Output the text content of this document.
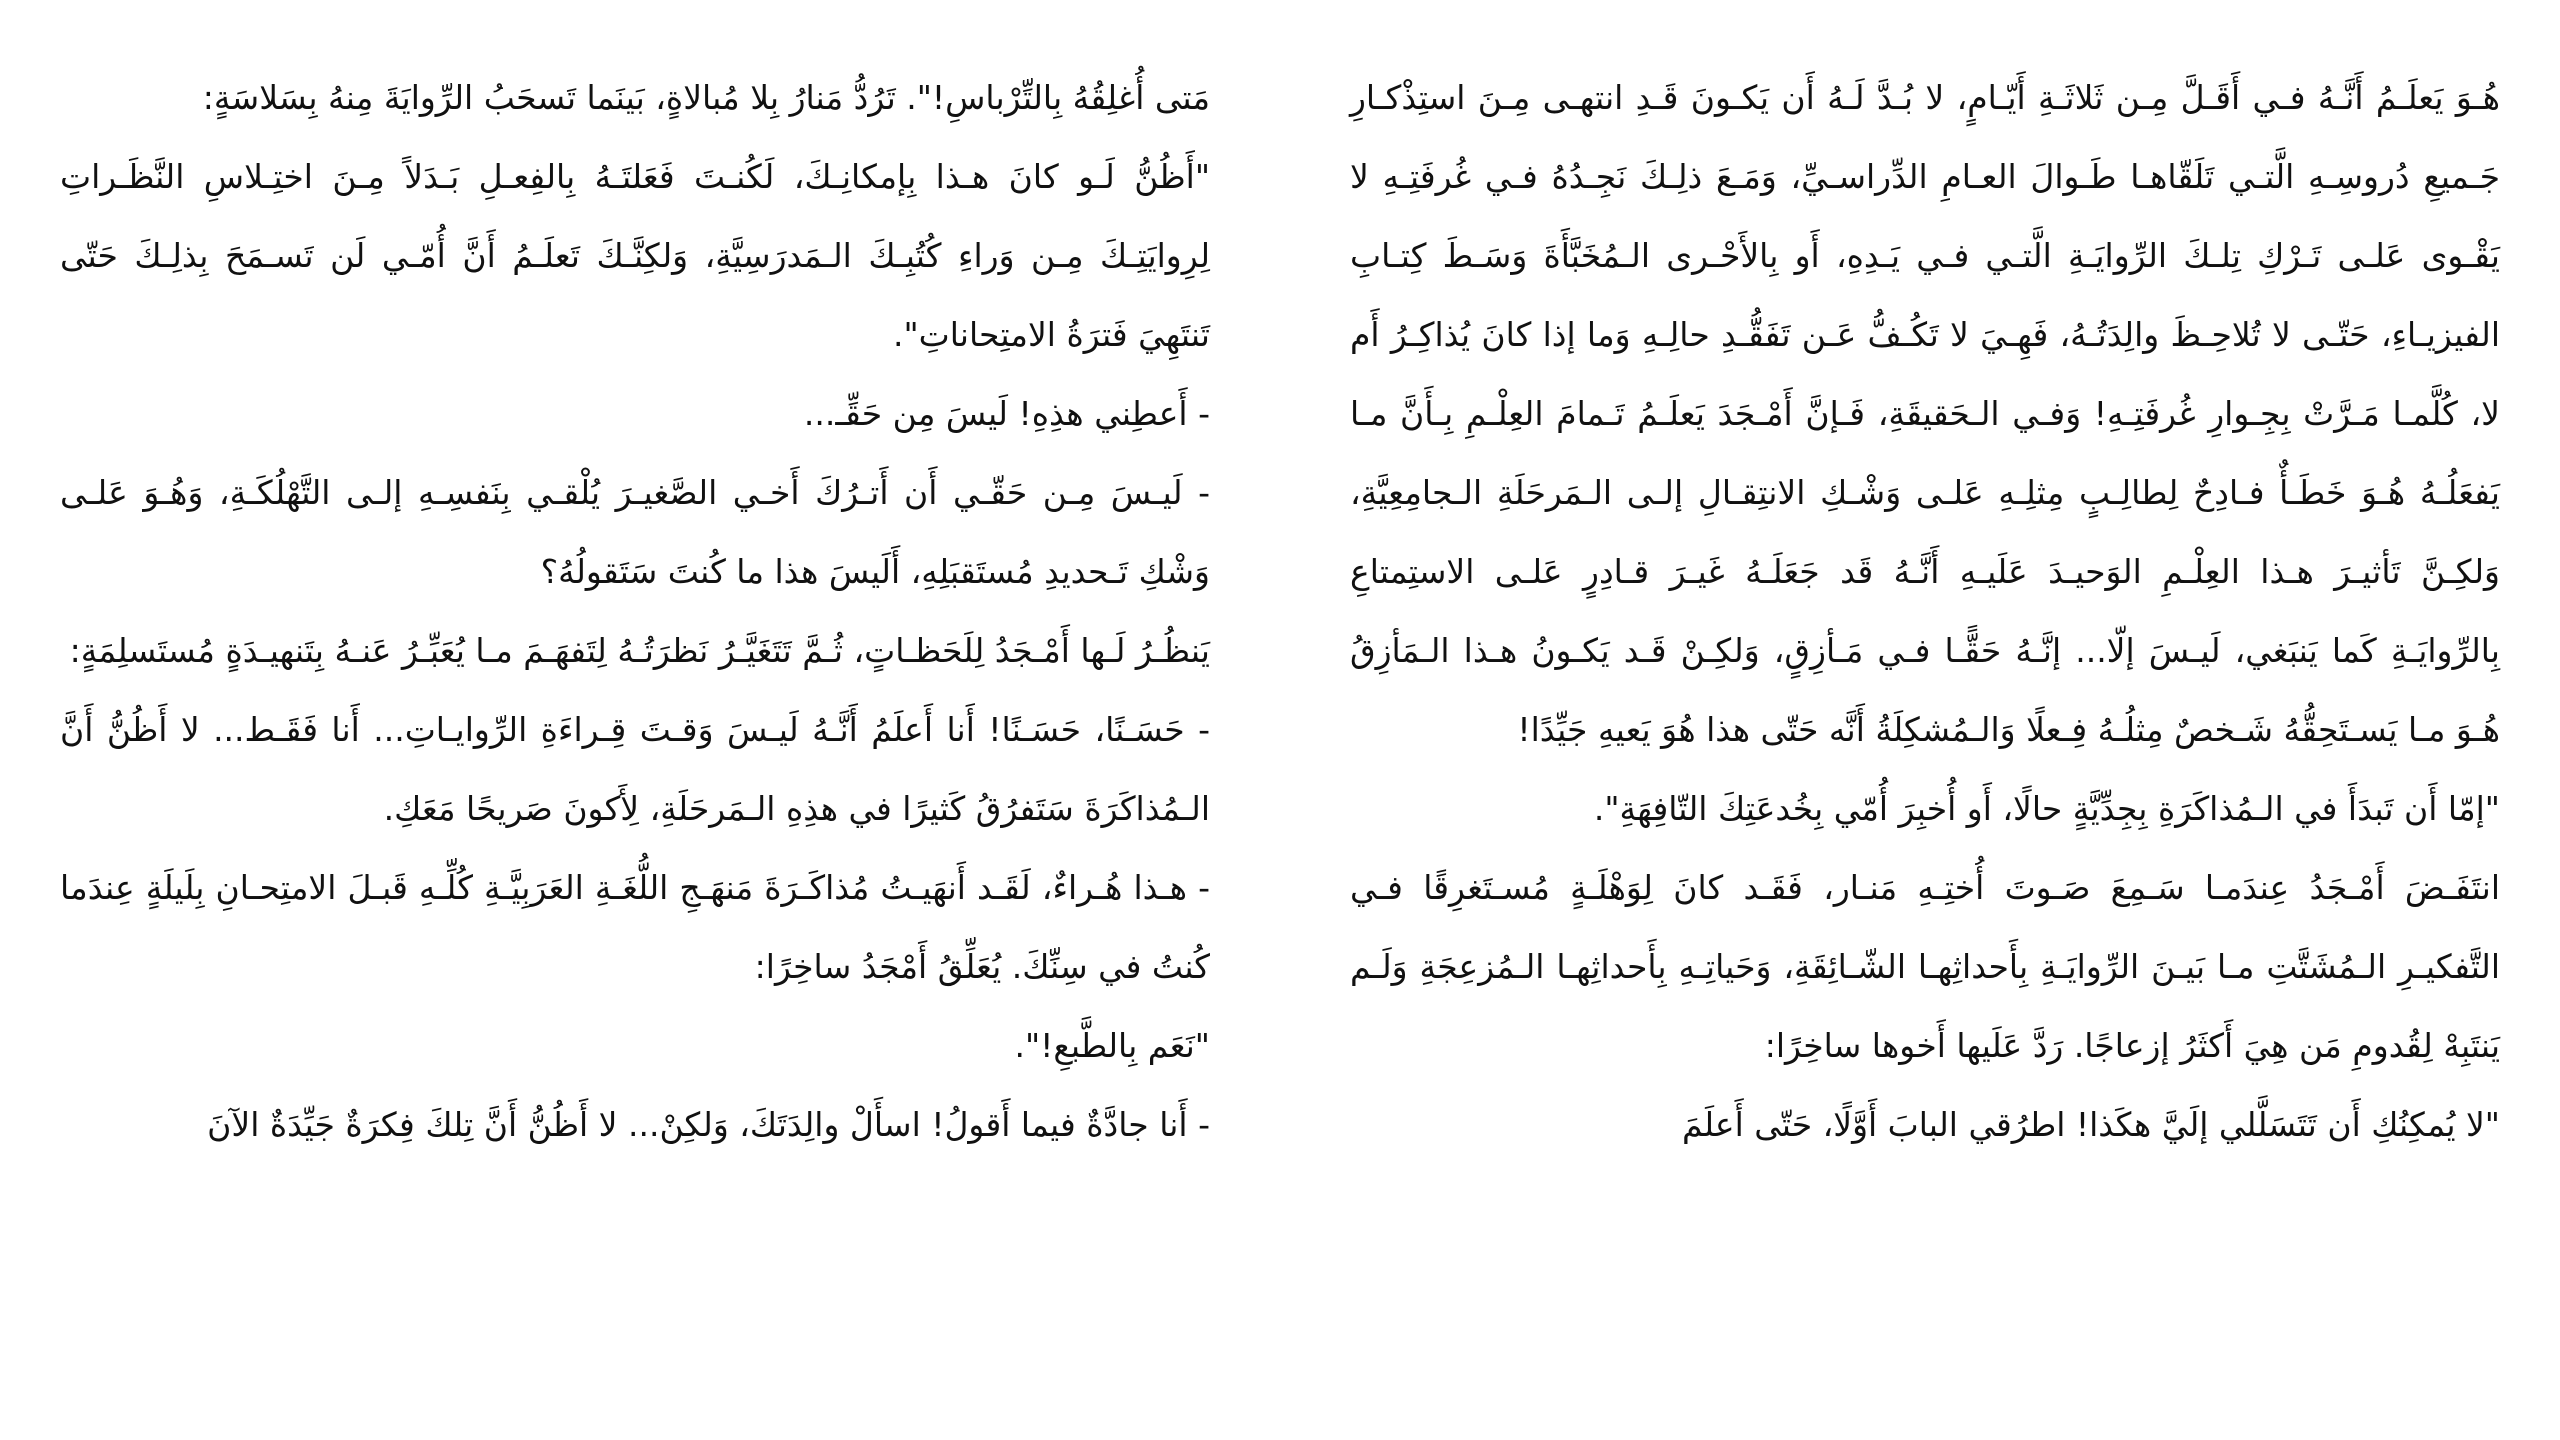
هُـوَ يَعلَـمُ أَنَّـهُ فـي أَقَـلَّ مِـن ثَلاثَـةِ أَيّـامٍ، لا بُـدَّ لَـهُ أَن يَكـونَ قَـدِ انتهـى مِـنَ استِذْكـارِ جَـميعِ دُروسِـهِ الَّتـي تَلَقّاهـا طَـوالَ العـامِ الدِّراسـيِّ، وَمَـعَ ذلِـكَ نَجِـدُهُ فـي غُرفَتِـهِ لا يَقْـوى عَلـى تَـرْكِ تِلـكَ الرِّوايَـةِ الَّتـي فـي يَـدِهِ، أَو بِالأَحْـرى الـمُخَبَّأَةَ وَسَـطَ كِتـابِ الفيزيـاءِ، حَتّـى لا تُلاحِـظَ والِدَتُـهُ، فَهِـيَ لا تَكُـفُّ عَـن تَفَقُّـدِ حالِـهِ وَما إذا كانَ يُذاكِـرُ أَم لا، كُلَّمـا مَـرَّتْ بِجِـوارِ غُرفَتِـهِ! وَفـي الـحَقيقَةِ، فَـإنَّ أَمْـجَدَ يَعلَـمُ تَـمامَ العِلْـمِ بِـأَنَّ مـا يَفعَلُـهُ هُـوَ خَطَـأٌ فـادِحٌ لِطالِـبٍ مِثلِـهِ عَلـى وَشْـكِ الانتِقـالِ إلـى الـمَرحَلَةِ الـجامِعِيَّةِ، وَلكِـنَّ تَأثيـرَ هـذا العِلْـمِ الوَحيـدَ عَلَيـهِ أَنَّـهُ قَد جَعَلَـهُ غَيـرَ قـادِرٍ عَلـى الاستِمتاعِ بِالرِّوايَـةِ كَما يَنبَغي، لَيـسَ إلّا... إنَّـهُ حَقًّـا فـي مَـأزِقٍ، وَلكِـنْ قَـد يَكـونُ هـذا الـمَأزِقُ هُـوَ مـا يَسـتَحِقُّهُ شَـخصٌ مِثلُـهُ فِـعلًا وَالـمُشكِلَةُ أَنَّه حَتّى هذا هُوَ يَعيهِ جَيِّدًا!

"إمّا أَن تَبدَأَ في الـمُذاكَرَةِ بِجِدِّيَّةٍ حالًا، أَو أُخبِرَ أُمّي بِخُدعَتِكَ التّافِهَةِ".

انتَفَـضَ أَمْـجَدُ عِندَمـا سَـمِعَ صَـوتَ أُختِـهِ مَنـار، فَقَـد كانَ لِوَهْلَـةٍ مُسـتَغرِقًا فـي التَّفكيـرِ الـمُشَتَّتِ مـا بَيـنَ الرِّوايَـةِ بِأَحداثِهـا الشّـائِقَةِ، وَحَياتِـهِ بِأَحداثِهـا الـمُزعِجَةِ وَلَـم يَنتَبِهْ لِقُدومِ مَن هِيَ أَكثَرُ إزعاجًا. رَدَّ عَلَيها أَخوها ساخِرًا:

"لا يُمكِنُكِ أَن تَتَسَلَّلي إلَيَّ هكَذا! اطرُقي البابَ أَوَّلًا، حَتّى أَعلَمَ

مَتى أُغلِقُهُ بِالتِّرْباسِ!". تَرُدُّ مَنارُ بِلا مُبالاةٍ، بَينَما تَسحَبُ الرِّوايَةَ مِنهُ بِسَلاسَةٍ:

"أَظُنُّ لَـو كانَ هـذا بِإمكانِـكَ، لَكُنـتَ فَعَلتَـهُ بِالفِعـلِ بَـدَلاً مِـنَ اختِـلاسِ النَّظَـراتِ لِرِوايَتِـكَ مِـن وَراءِ كُتُبِـكَ الـمَدرَسِيَّةِ، وَلكِنَّـكَ تَعلَـمُ أَنَّ أُمّـي لَن تَسـمَحَ بِذلِـكَ حَتّى تَنتَهِيَ فَترَةُ الامتِحاناتِ".

- أَعطِني هذِهِ! لَيسَ مِن حَقِّـ...

- لَيـسَ مِـن حَقّـي أَن أَتـرُكَ أَخـي الصَّغيـرَ يُلْقـي بِنَفسِـهِ إلـى التَّهْلُكَـةِ، وَهُـوَ عَلـى وَشْكِ تَـحديدِ مُستَقبَلِهِ، أَلَيسَ هذا ما كُنتَ سَتَقولُهُ؟

يَنظُـرُ لَـها أَمْـجَدُ لِلَحَظـاتٍ، ثُـمَّ تَتَغَيَّـرُ نَظرَتُـهُ لِتَفهَـمَ مـا يُعَبِّـرُ عَنـهُ بِتَنهيـدَةٍ مُستَسلِمَةٍ:

- حَسَـنًا، حَسَـنًا! أَنا أَعلَمُ أَنَّـهُ لَيـسَ وَقـتَ قِـراءَةِ الرِّوايـاتِ... أَنا فَقَـط... لا أَظُنُّ أَنَّ الـمُذاكَرَةَ سَتَفرُقُ كَثيرًا في هذِهِ الـمَرحَلَةِ، لِأَكونَ صَريحًا مَعَكِ.

- هـذا هُـراءٌ، لَقَـد أَنهَيـتُ مُذاكَـرَةَ مَنهَـجِ اللُّغَـةِ العَرَبِيَّـةِ كُلِّـهِ قَبـلَ الامتِحـانِ بِلَيلَةٍ عِندَما كُنتُ في سِنِّكَ. يُعَلِّقُ أَمْجَدُ ساخِرًا:

"نَعَم بِالطَّبعِ!".

- أَنا جادَّةٌ فيما أَقولُ! اسأَلْ والِدَتَكَ، وَلكِنْ... لا أَظُنُّ أَنَّ تِلكَ فِكرَةٌ جَيِّدَةٌ الآنَ
